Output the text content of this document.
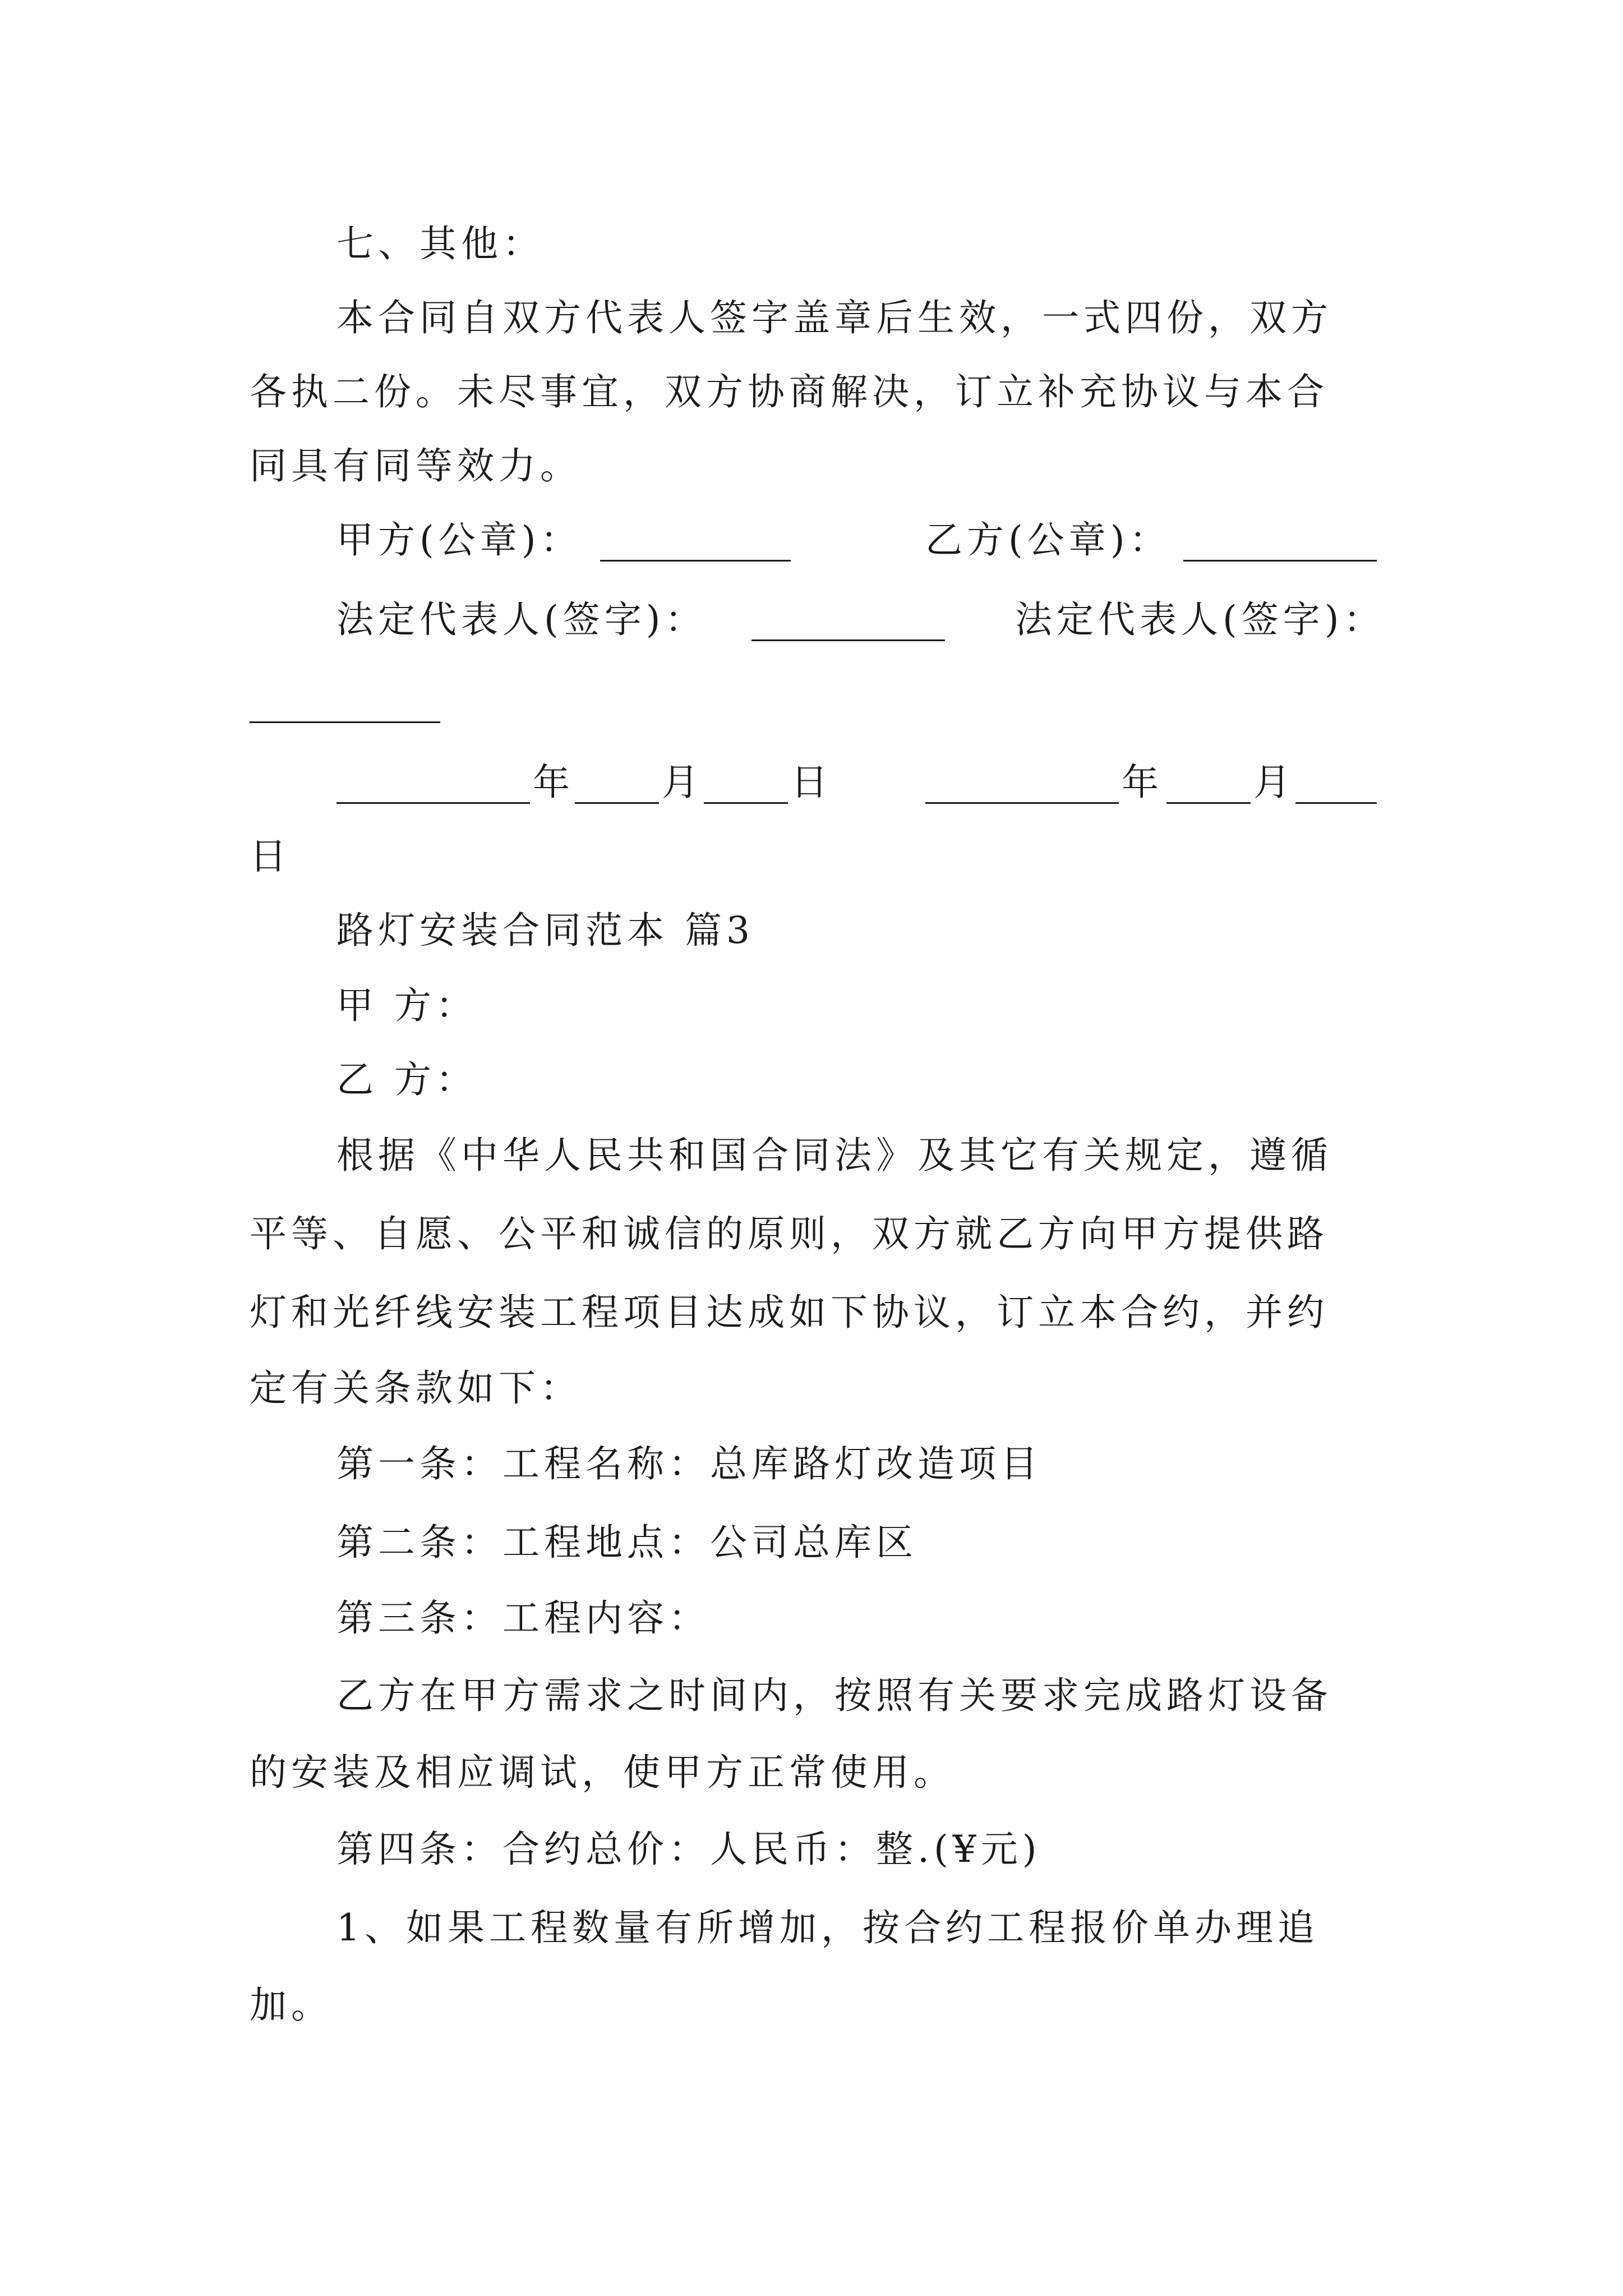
七、其他：
本合同自双方代表人签字盖章后生效，一式四份，双方
各执二份。未尽事宜，双方协商解决，订立补充协议与本合
同具有同等效力。
甲方(公章)：	乙方(公章)：
法定代表人(签字)：	法定代表人(签字)：
年 月 日	年 月
日
路灯安装合同范本 篇3
甲 方：
乙 方：
根据《中华人民共和国合同法》及其它有关规定，遵循
平等、自愿、公平和诚信的原则，双方就乙方向甲方提供路
灯和光纤线安装工程项目达成如下协议，订立本合约，并约
定有关条款如下：
第一条：工程名称：总库路灯改造项目
第二条：工程地点：公司总库区
第三条：工程内容：
乙方在甲方需求之时间内，按照有关要求完成路灯设备
的安装及相应调试，使甲方正常使用。
第四条：合约总价：人民币：整.(¥元)
1、如果工程数量有所增加，按合约工程报价单办理追
加。
